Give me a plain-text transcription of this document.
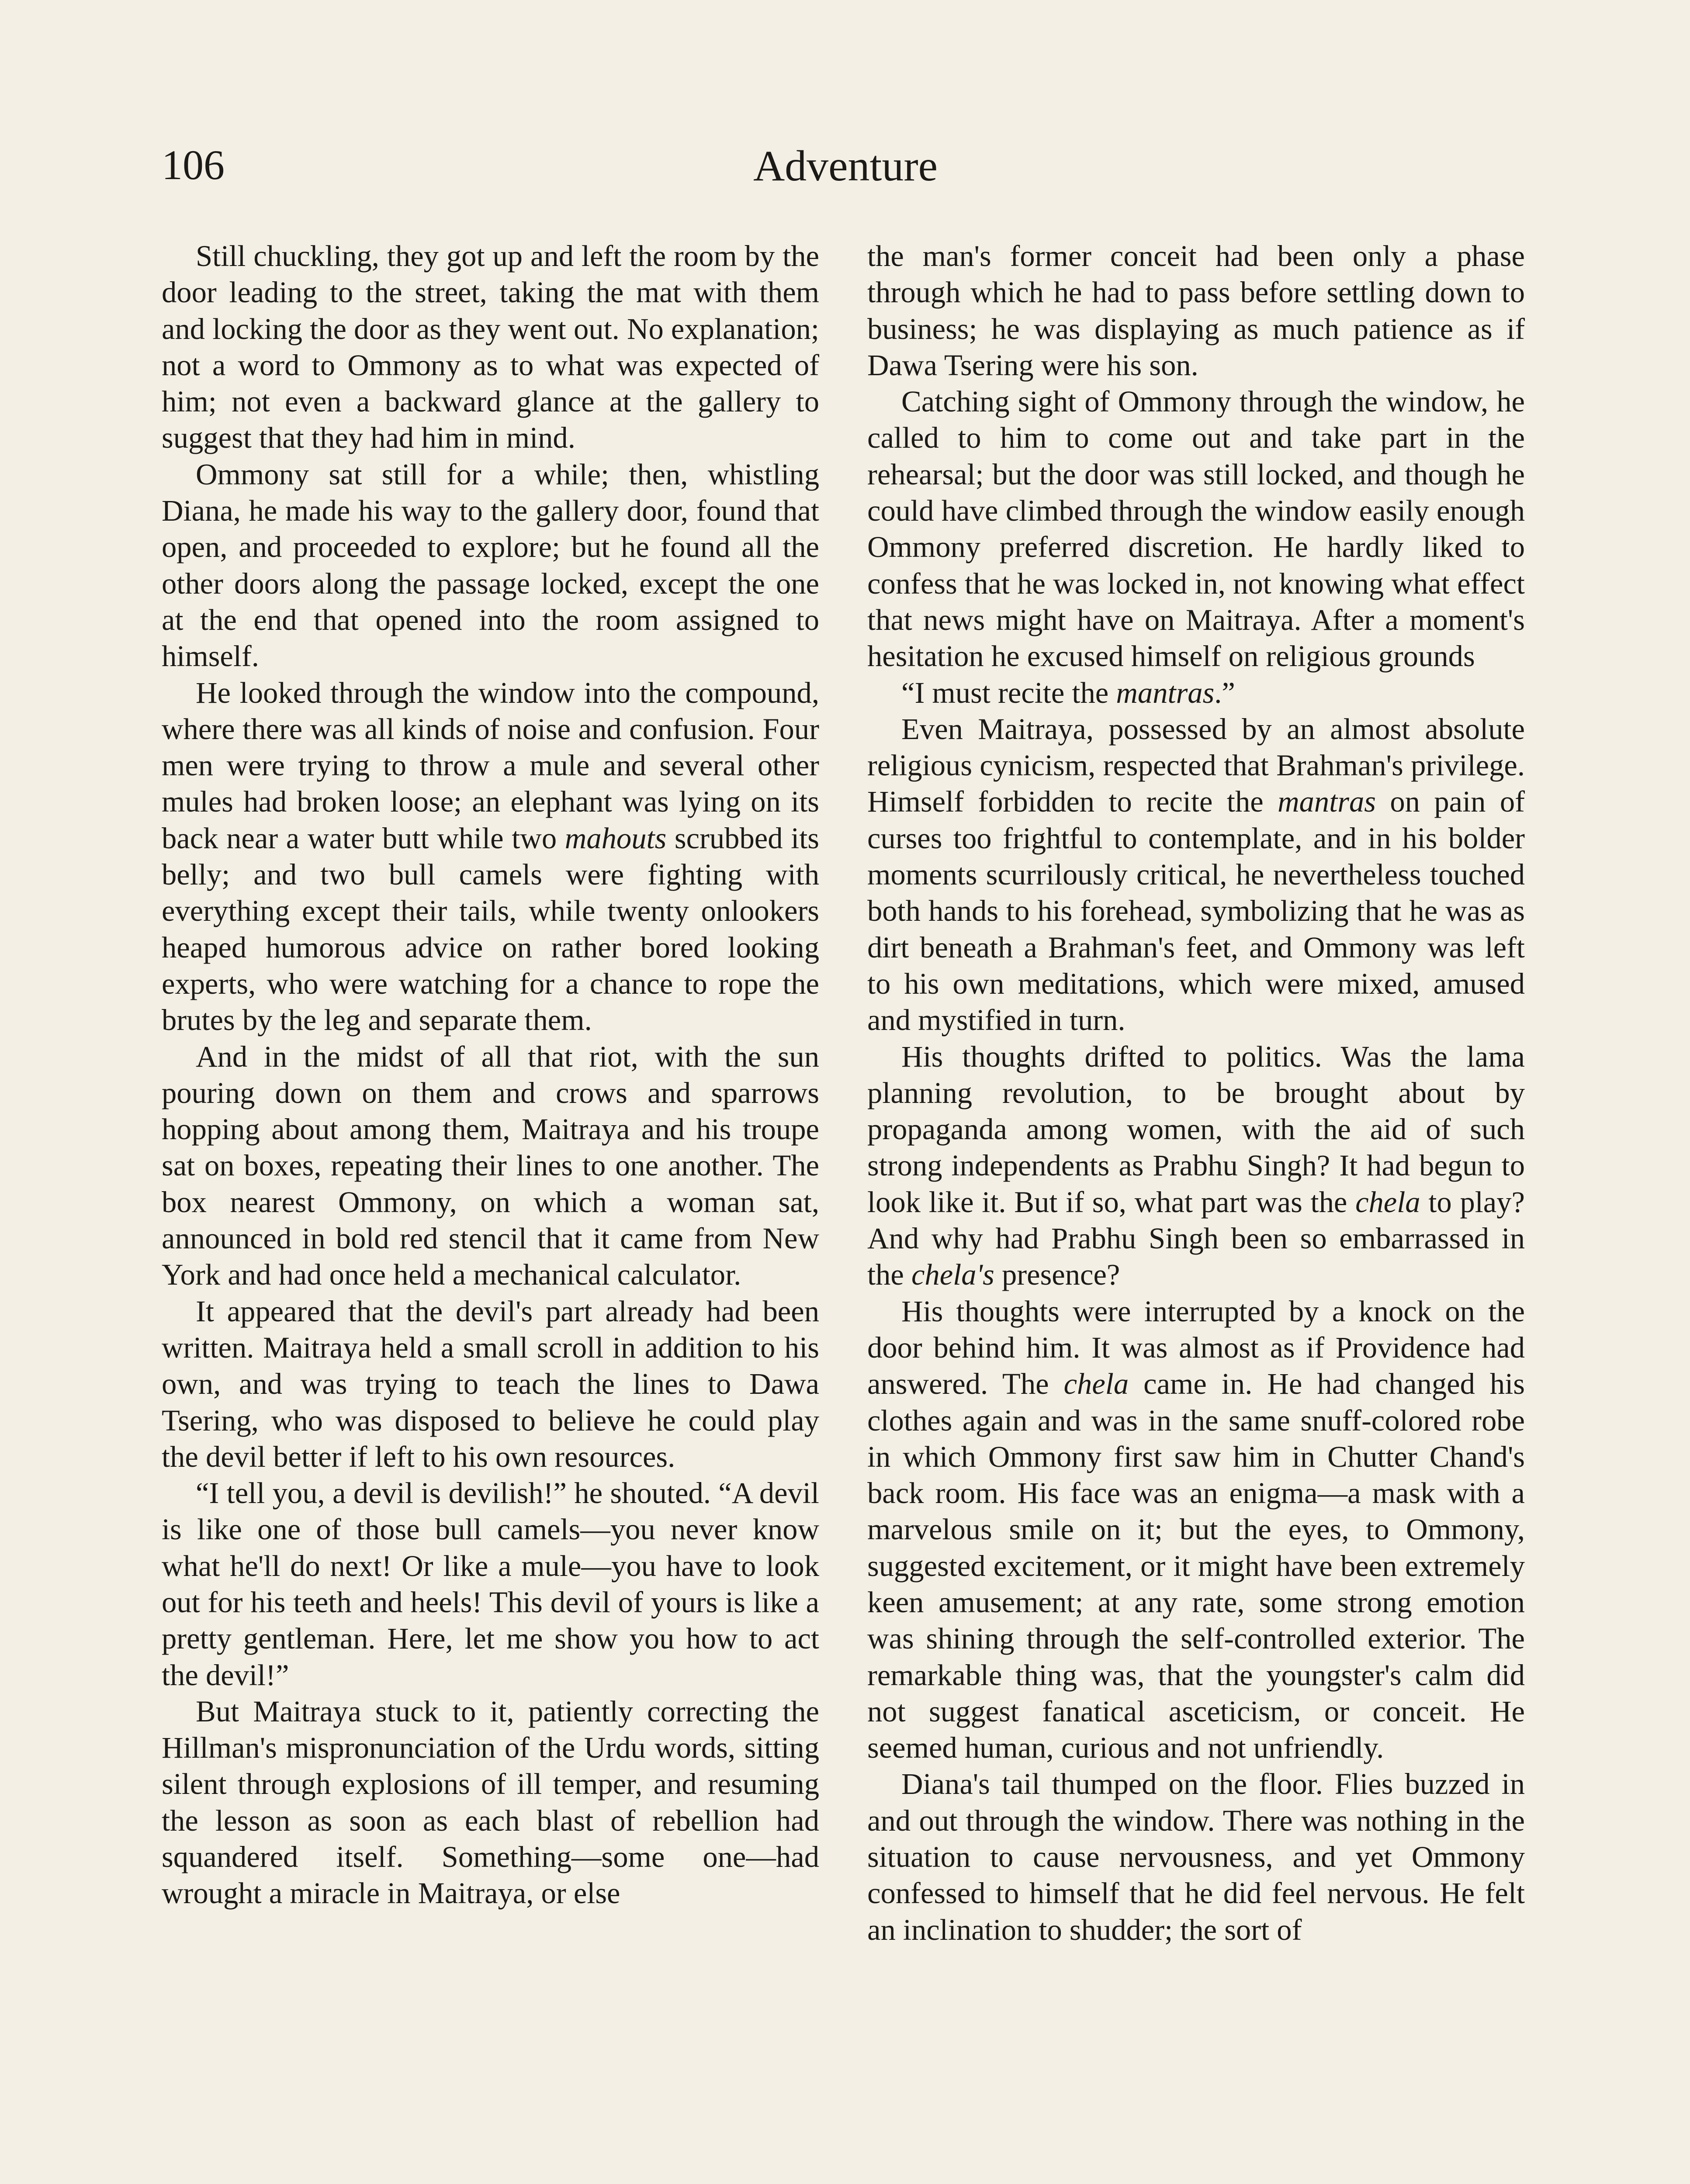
106	Adventure

Still chuckling, they got up and left the room by the door leading to the street, taking the mat with them and locking the door as they went out. No explanation; not a word to Ommony as to what was expected of him; not even a backward glance at the gallery to suggest that they had him in mind.

Ommony sat still for a while; then, whistling Diana, he made his way to the gallery door, found that open, and proceeded to explore; but he found all the other doors along the passage locked, except the one at the end that opened into the room assigned to himself.

He looked through the window into the compound, where there was all kinds of noise and confusion. Four men were trying to throw a mule and several other mules had broken loose; an elephant was lying on its back near a water butt while two mahouts scrubbed its belly; and two bull camels were fighting with everything except their tails, while twenty onlookers heaped humorous advice on rather bored looking experts, who were watching for a chance to rope the brutes by the leg and separate them.

And in the midst of all that riot, with the sun pouring down on them and crows and sparrows hopping about among them, Maitraya and his troupe sat on boxes, repeating their lines to one another. The box nearest Ommony, on which a woman sat, announced in bold red stencil that it came from New York and had once held a mechanical calculator.

It appeared that the devil's part already had been written. Maitraya held a small scroll in addition to his own, and was trying to teach the lines to Dawa Tsering, who was disposed to believe he could play the devil better if left to his own resources.

“I tell you, a devil is devilish!” he shouted. “A devil is like one of those bull camels—you never know what he'll do next! Or like a mule—you have to look out for his teeth and heels! This devil of yours is like a pretty gentleman. Here, let me show you how to act the devil!”

But Maitraya stuck to it, patiently correcting the Hillman's mispronunciation of the Urdu words, sitting silent through explosions of ill temper, and resuming the lesson as soon as each blast of rebellion had squandered itself. Something—some one—had wrought a miracle in Maitraya, or else

the man's former conceit had been only a phase through which he had to pass before settling down to business; he was displaying as much patience as if Dawa Tsering were his son.

Catching sight of Ommony through the window, he called to him to come out and take part in the rehearsal; but the door was still locked, and though he could have climbed through the window easily enough Ommony preferred discretion. He hardly liked to confess that he was locked in, not knowing what effect that news might have on Maitraya. After a moment's hesitation he excused himself on religious grounds

“I must recite the mantras.”

Even Maitraya, possessed by an almost absolute religious cynicism, respected that Brahman's privilege. Himself forbidden to recite the mantras on pain of curses too frightful to contemplate, and in his bolder moments scurrilously critical, he nevertheless touched both hands to his forehead, symbolizing that he was as dirt beneath a Brahman's feet, and Ommony was left to his own meditations, which were mixed, amused and mystified in turn.

His thoughts drifted to politics. Was the lama planning revolution, to be brought about by propaganda among women, with the aid of such strong independents as Prabhu Singh? It had begun to look like it. But if so, what part was the chela to play? And why had Prabhu Singh been so embarrassed in the chela's presence?

His thoughts were interrupted by a knock on the door behind him. It was almost as if Providence had answered. The chela came in. He had changed his clothes again and was in the same snuff-colored robe in which Ommony first saw him in Chutter Chand's back room. His face was an enigma—a mask with a marvelous smile on it; but the eyes, to Ommony, suggested excitement, or it might have been extremely keen amusement; at any rate, some strong emotion was shining through the self-controlled exterior. The remarkable thing was, that the youngster's calm did not suggest fanatical asceticism, or conceit. He seemed human, curious and not unfriendly.

Diana's tail thumped on the floor. Flies buzzed in and out through the window. There was nothing in the situation to cause nervousness, and yet Ommony confessed to himself that he did feel nervous. He felt an inclination to shudder; the sort of
